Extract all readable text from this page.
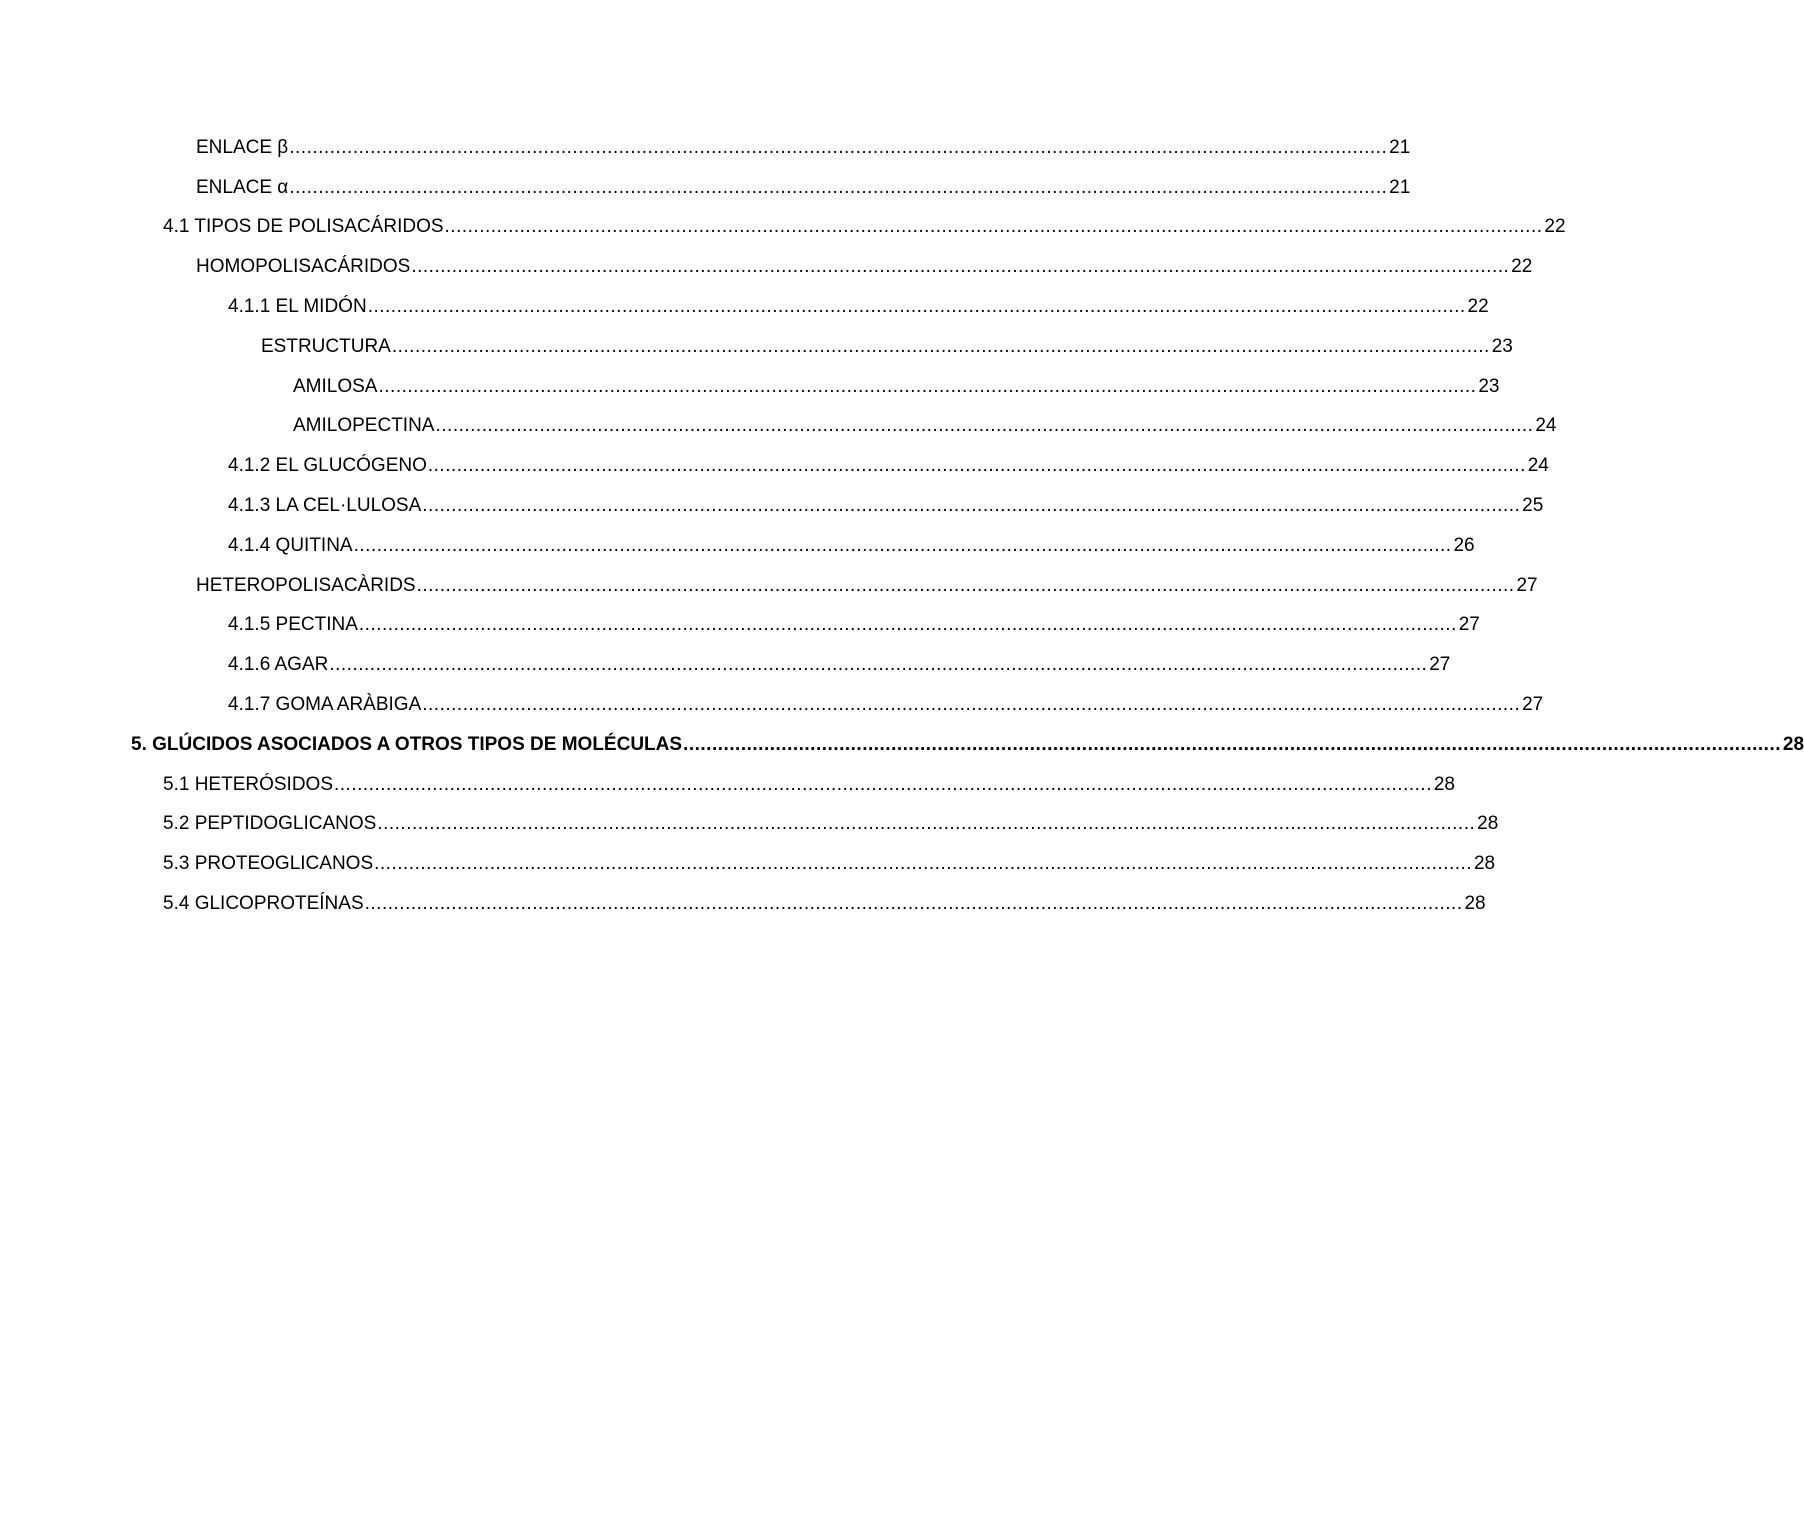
ENLACE β .............................................................................................................................................................................................. 21
ENLACE α .............................................................................................................................................................................................. 21
4.1 TIPOS DE POLISACÁRIDOS .............................................................................................................................................................................................. 22
HOMOPOLISACÁRIDOS .............................................................................................................................................................................................. 22
4.1.1 EL MIDÓN .............................................................................................................................................................................................. 22
ESTRUCTURA .............................................................................................................................................................................................. 23
AMILOSA .............................................................................................................................................................................................. 23
AMILOPECTINA .............................................................................................................................................................................................. 24
4.1.2 EL GLUCÓGENO .............................................................................................................................................................................................. 24
4.1.3 LA CEL·LULOSA .............................................................................................................................................................................................. 25
4.1.4 QUITINA .............................................................................................................................................................................................. 26
HETEROPOLISACÀRIDS .............................................................................................................................................................................................. 27
4.1.5 PECTINA .............................................................................................................................................................................................. 27
4.1.6 AGAR .............................................................................................................................................................................................. 27
4.1.7 GOMA ARÀBIGA .............................................................................................................................................................................................. 27
5. GLÚCIDOS ASOCIADOS A OTROS TIPOS DE MOLÉCULAS .............................................................................................................................................................................................. 28
5.1 HETERÓSIDOS .............................................................................................................................................................................................. 28
5.2 PEPTIDOGLICANOS .............................................................................................................................................................................................. 28
5.3 PROTEOGLICANOS .............................................................................................................................................................................................. 28
5.4 GLICOPROTEÍNAS .............................................................................................................................................................................................. 28
